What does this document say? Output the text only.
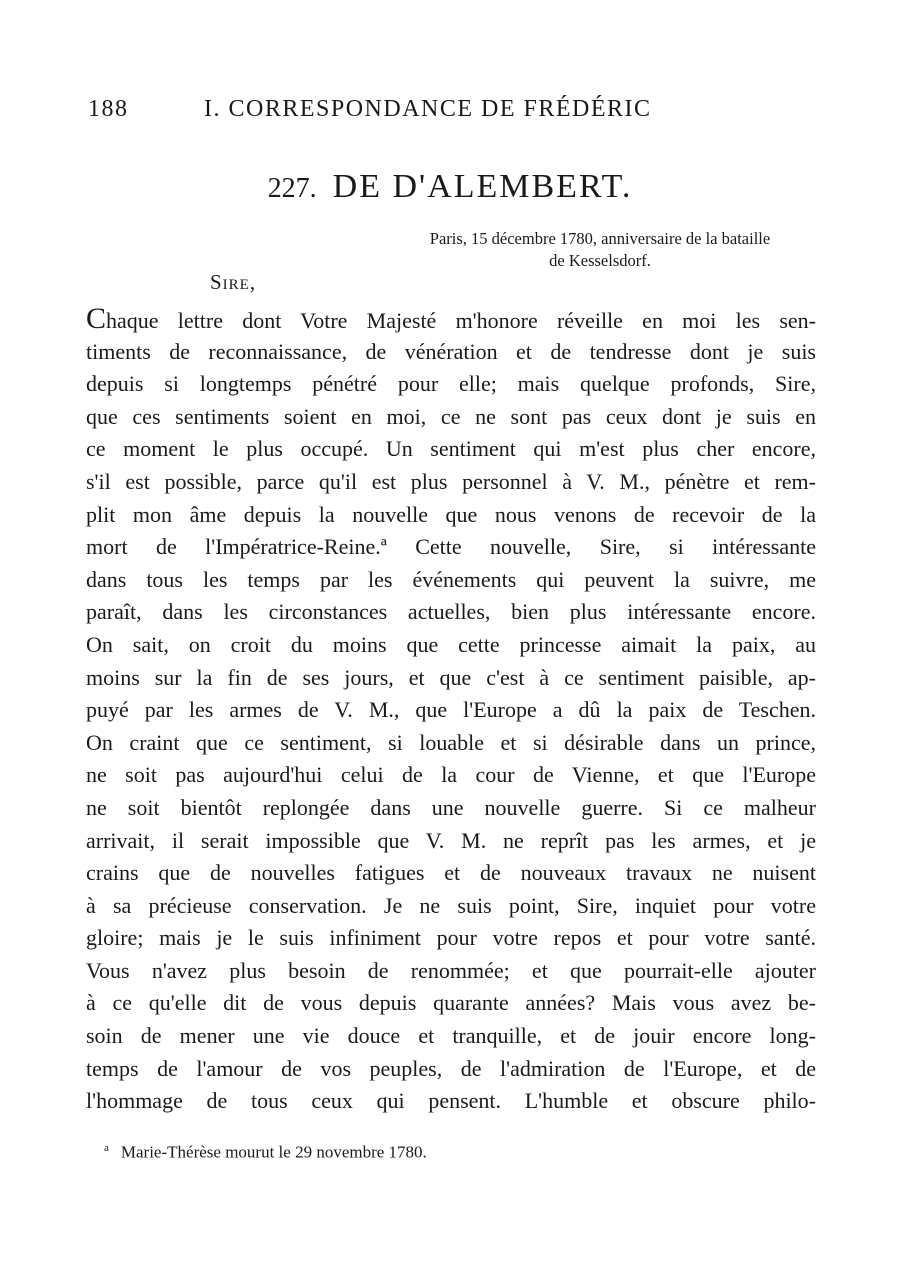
188	I. CORRESPONDANCE DE FRÉDÉRIC
227. DE D'ALEMBERT.
Paris, 15 décembre 1780, anniversaire de la bataille
de Kesselsdorf.
Sire,
Chaque lettre dont Votre Majesté m'honore réveille en moi les sen-
timents de reconnaissance, de vénération et de tendresse dont je suis
depuis si longtemps pénétré pour elle; mais quelque profonds, Sire,
que ces sentiments soient en moi, ce ne sont pas ceux dont je suis en
ce moment le plus occupé. Un sentiment qui m'est plus cher encore,
s'il est possible, parce qu'il est plus personnel à V. M., pénètre et rem-
plit mon âme depuis la nouvelle que nous venons de recevoir de la
mort de l'Impératrice-Reine.ª Cette nouvelle, Sire, si intéressante
dans tous les temps par les événements qui peuvent la suivre, me
paraît, dans les circonstances actuelles, bien plus intéressante encore.
On sait, on croit du moins que cette princesse aimait la paix, au
moins sur la fin de ses jours, et que c'est à ce sentiment paisible, ap-
puyé par les armes de V. M., que l'Europe a dû la paix de Teschen.
On craint que ce sentiment, si louable et si désirable dans un prince,
ne soit pas aujourd'hui celui de la cour de Vienne, et que l'Europe
ne soit bientôt replongée dans une nouvelle guerre. Si ce malheur
arrivait, il serait impossible que V. M. ne reprît pas les armes, et je
crains que de nouvelles fatigues et de nouveaux travaux ne nuisent
à sa précieuse conservation. Je ne suis point, Sire, inquiet pour votre
gloire; mais je le suis infiniment pour votre repos et pour votre santé.
Vous n'avez plus besoin de renommée; et que pourrait-elle ajouter
à ce qu'elle dit de vous depuis quarante années? Mais vous avez be-
soin de mener une vie douce et tranquille, et de jouir encore long-
temps de l'amour de vos peuples, de l'admiration de l'Europe, et de
l'hommage de tous ceux qui pensent. L'humble et obscure philo-
$^a$ Marie-Thérèse mourut le 29 novembre 1780.
